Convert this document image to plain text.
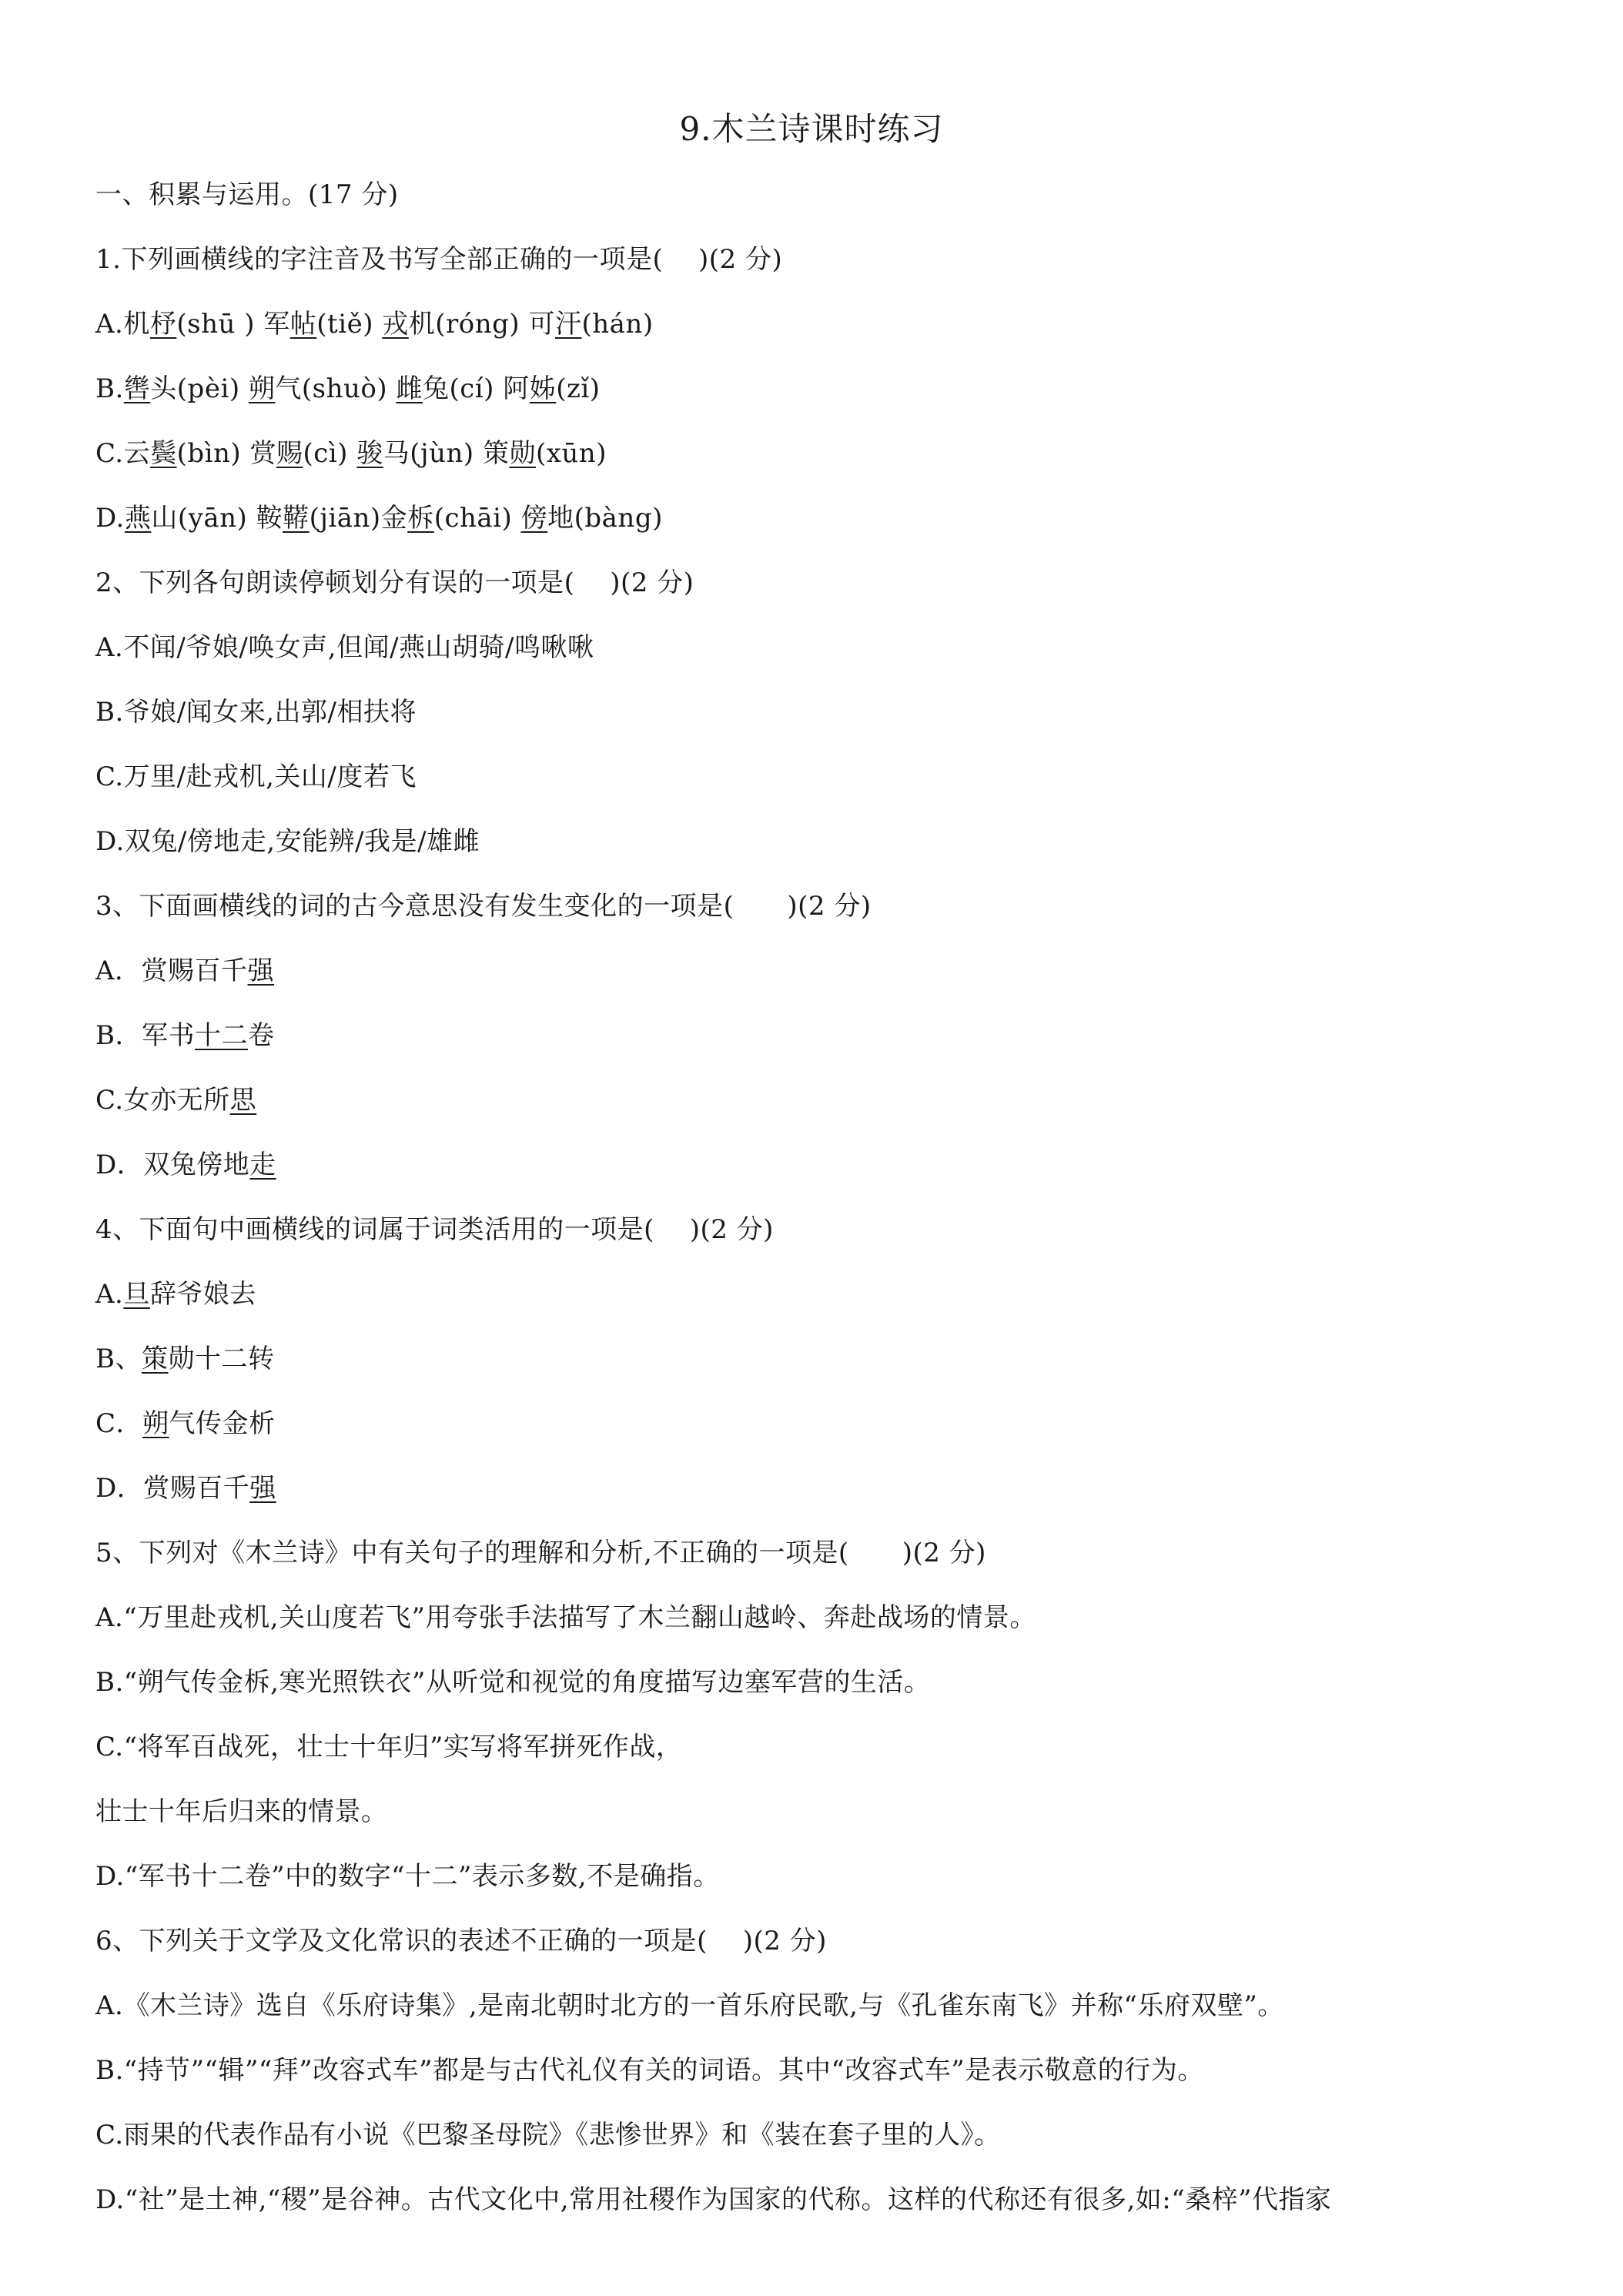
9.木兰诗课时练习
一、积累与运用。(17 分)
1.下列画横线的字注音及书写全部正确的一项是(　 )(2 分)
A.机杼(shū ) 军帖(tiě) 戎机(róng) 可汗(hán)
B.辔头(pèi) 朔气(shuò) 雌兔(cí) 阿姊(zǐ)
C.云鬓(bìn) 赏赐(cì) 骏马(jùn) 策勋(xūn)
D.燕山(yān) 鞍鞯(jiān)金柝(chāi) 傍地(bàng)
2、下列各句朗读停顿划分有误的一项是(　 )(2 分)
A.不闻/爷娘/唤女声,但闻/燕山胡骑/鸣啾啾
B.爷娘/闻女来,出郭/相扶将
C.万里/赴戎机,关山/度若飞
D.双兔/傍地走,安能辨/我是/雄雌
3、下面画横线的词的古今意思没有发生变化的一项是(　　)(2 分)
A．赏赐百千强
B．军书十二卷
C.女亦无所思
D．双兔傍地走
4、下面句中画横线的词属于词类活用的一项是(　 )(2 分)
A.旦辞爷娘去
B、策勋十二转
C．朔气传金析
D．赏赐百千强
5、下列对《木兰诗》中有关句子的理解和分析,不正确的一项是(　　)(2 分)
A.“万里赴戎机,关山度若飞”用夸张手法描写了木兰翻山越岭、奔赴战场的情景。
B.“朔气传金柝,寒光照铁衣”从听觉和视觉的角度描写边塞军营的生活。
C.“将军百战死，壮士十年归”实写将军拼死作战，
壮士十年后归来的情景。
D.“军书十二卷”中的数字“十二”表示多数,不是确指。
6、下列关于文学及文化常识的表述不正确的一项是(　 )(2 分)
A.《木兰诗》选自《乐府诗集》,是南北朝时北方的一首乐府民歌,与《孔雀东南飞》并称“乐府双壁”。
B.“持节”“辑”“拜”改容式车”都是与古代礼仪有关的词语。其中“改容式车”是表示敬意的行为。
C.雨果的代表作品有小说《巴黎圣母院》《悲惨世界》和《装在套子里的人》。
D.“社”是土神,“稷”是谷神。古代文化中,常用社稷作为国家的代称。这样的代称还有很多,如:“桑梓”代指家
